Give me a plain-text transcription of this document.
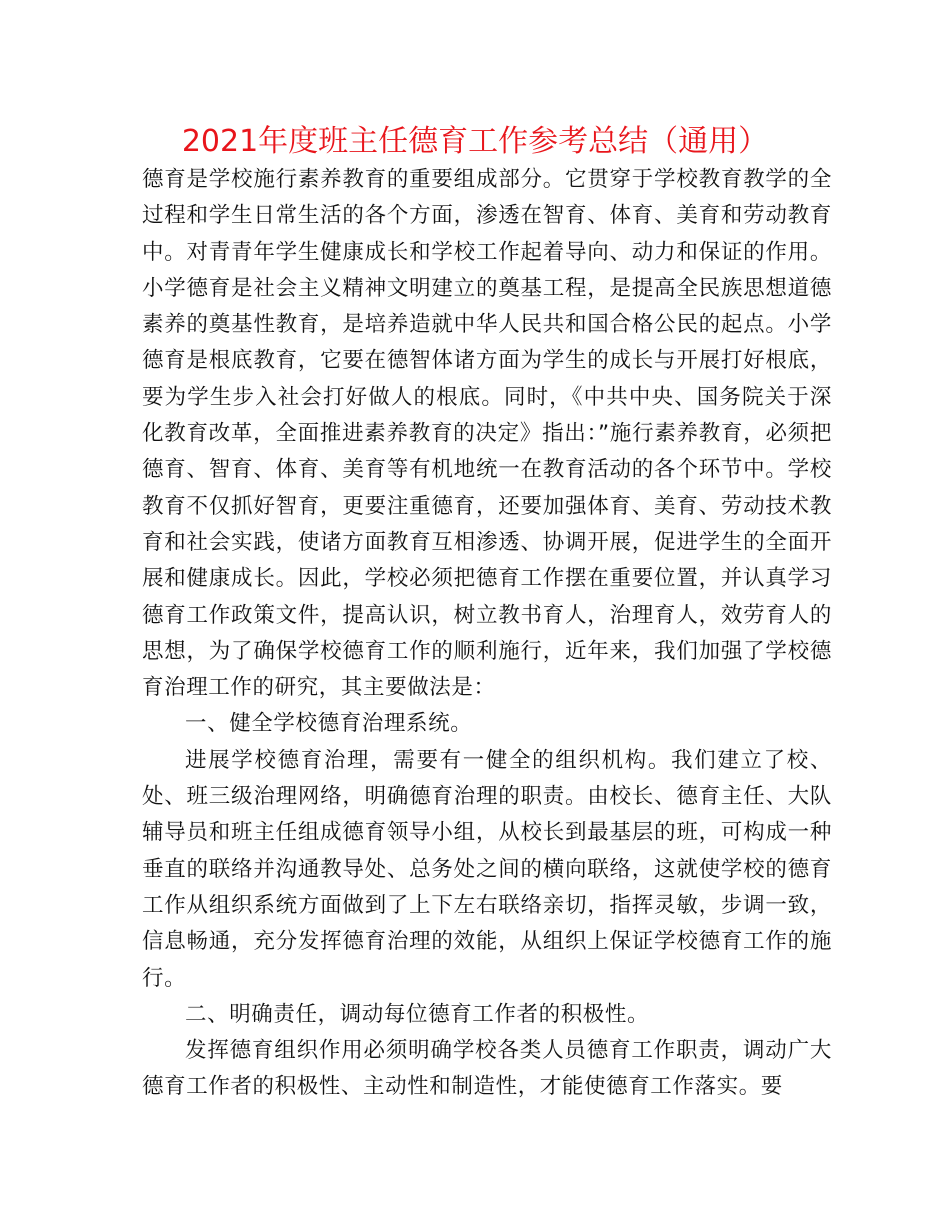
2021年度班主任德育工作参考总结（通用）

德育是学校施行素养教育的重要组成部分。它贯穿于学校教育教学的全过程和学生日常生活的各个方面，渗透在智育、体育、美育和劳动教育中。对青青年学生健康成长和学校工作起着导向、动力和保证的作用。小学德育是社会主义精神文明建立的奠基工程，是提高全民族思想道德素养的奠基性教育，是培养造就中华人民共和国合格公民的起点。小学德育是根底教育，它要在德智体诸方面为学生的成长与开展打好根底，要为学生步入社会打好做人的根底。同时，《中共中央、国务院关于深化教育改革，全面推进素养教育的决定》指出：”施行素养教育，必须把德育、智育、体育、美育等有机地统一在教育活动的各个环节中。学校教育不仅抓好智育，更要注重德育，还要加强体育、美育、劳动技术教育和社会实践，使诸方面教育互相渗透、协调开展，促进学生的全面开展和健康成长。因此，学校必须把德育工作摆在重要位置，并认真学习德育工作政策文件，提高认识，树立教书育人，治理育人，效劳育人的思想，为了确保学校德育工作的顺利施行，近年来，我们加强了学校德育治理工作的研究，其主要做法是：

一、健全学校德育治理系统。

进展学校德育治理，需要有一健全的组织机构。我们建立了校、处、班三级治理网络，明确德育治理的职责。由校长、德育主任、大队辅导员和班主任组成德育领导小组，从校长到最基层的班，可构成一种垂直的联络并沟通教导处、总务处之间的横向联络，这就使学校的德育工作从组织系统方面做到了上下左右联络亲切，指挥灵敏，步调一致，信息畅通，充分发挥德育治理的效能，从组织上保证学校德育工作的施行。

二、明确责任，调动每位德育工作者的积极性。

发挥德育组织作用必须明确学校各类人员德育工作职责，调动广大德育工作者的积极性、主动性和制造性，才能使德育工作落实。要
